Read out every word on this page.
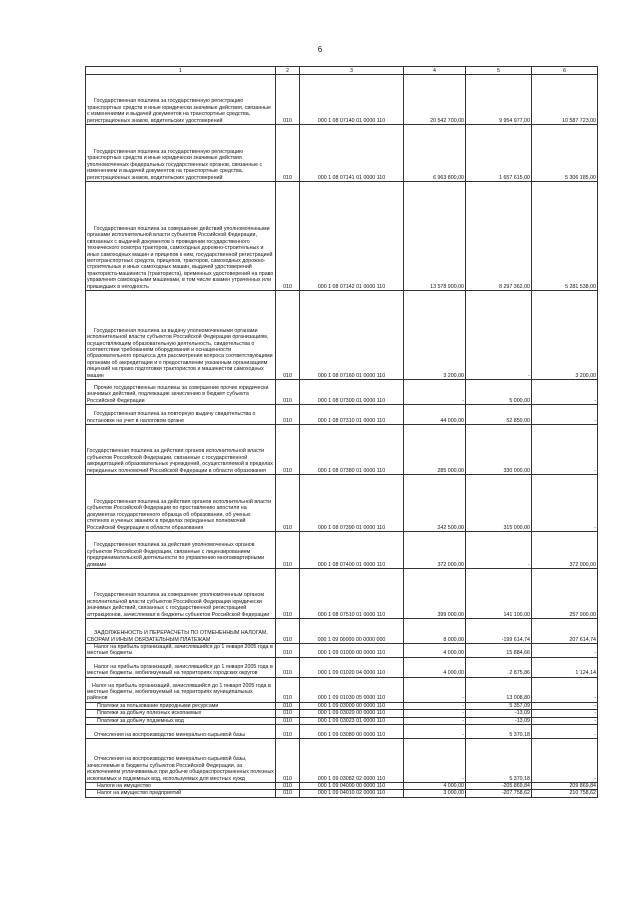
6
1	2	3	4	5	6
Государственная пошлина за государственную регистрацию транспортных средств и иные юридически значимые действия, связанные с изменениями и выдачей документов на транспортные средства, регистрационных знаков, водительских удостоверений	010	000 1 08 07140 01 0000 110	20 542 700,00	9 954 977,00	10 587 723,00
Государственная пошлина за государственную регистрацию транспортных средств и иные юридически значимые действия уполномоченных федеральных государственных органов, связанные с изменением и выдачей документов на транспортные средства, регистрационных знаков, водительских удостоверений	010	000 1 08 07141 01 0000 110	6 963 800,00	1 657 615,00	5 306 185,00
Государственная пошлина за совершение действий уполномоченными органами исполнительной власти субъектов Российской Федерации, связанных с выдачей документов о проведении государственного технического осмотра тракторов, самоходных дорожно-строительных и иных самоходных машин и прицепов к ним, государственной регистрацией мототранспортных средств, прицепов, тракторов, самоходных дорожно-строительных и иных самоходных машин, выдачей удостоверений тракториста-машиниста (тракториста), временных удостоверений на право управления самоходными машинами, в том числе взамен утраченных или пришедших в негодность	010	000 1 08 07142 01 0000 110	13 578 900,00	8 297 362,00	5 281 538,00
Государственная пошлина за выдачу уполномоченными органами исполнительной власти субъектов Российской Федерации организациям, осуществляющим образовательную деятельность, свидетельства о соответствии требованиям оборудования и оснащенности образовательного процесса для рассмотрения вопроса соответствующими органами об аккредитации и о предоставлении указанным организациям лицензий на право подготовки трактористов и машинистов самоходных машин	010	000 1 08 07160 01 0000 110	3 200,00	-	3 200,00
Прочие государственные пошлины за совершение прочих юридически значимых действий, подлежащие зачислению в бюджет субъекта Российской Федерации	010	000 1 08 07300 01 0000 110	-	5 000,00	-
Государственная пошлина за повторную выдачу свидетельства о постановке на учет в налоговом органе	010	000 1 08 07310 01 0000 110	44 000,00	52 850,00	-
Государственная пошлина за действия органов исполнительной власти субъектов Российской Федерации, связанные с государственной аккредитацией образовательных учреждений, осуществляемой в пределах переданных полномочий Российской Федерации в области образования	010	000 1 08 07380 01 0000 110	285 000,00	330 000,00	-
Государственная пошлина за действия органов исполнительной власти субъектов Российской Федерации по проставлению апостиля на документах государственного образца об образовании, об ученых степенях и ученых званиях в пределах переданных полномочий Российской Федерации в области образования	010	000 1 08 07390 01 0000 110	242 500,00	315 000,00	-
Государственная пошлина за действия уполномоченных органов субъектов Российской Федерации, связанные с лицензированием предпринимательской деятельности по управлению многоквартирными домами	010	000 1 08 07400 01 0000 110	372 000,00	-	372 000,00
Государственная пошлина за совершение уполномоченным органом исполнительной власти субъектов Российской Федерации юридически значимых действий, связанных с государственной регистрацией аттракционов, зачисляемая в бюджеты субъектов Российской Федерации	010	000 1 08 07510 01 0000 110	399 000,00	141 100,00	257 900,00
ЗАДОЛЖЕННОСТЬ И ПЕРЕРАСЧЕТЫ ПО ОТМЕНЕННЫМ НАЛОГАМ, СБОРАМ И ИНЫМ ОБЯЗАТЕЛЬНЫМ ПЛАТЕЖАМ	010	000 1 09 00000 00 0000 000	8 000,00	-199 614,74	207 614,74
Налог на прибыль организаций, зачислявшийся до 1 января 2005 года в местные бюджеты	010	000 1 09 01000 00 0000 110	4 000,00	15 884,66	-
Налог на прибыль организаций, зачислявшийся до 1 января 2005 года в местные бюджеты, мобилизуемый на территориях городских округов	010	000 1 09 01020 04 0000 110	4 000,00	2 875,86	1 124,14
Налог на прибыль организаций, зачислявшийся до 1 января 2005 года в местные бюджеты, мобилизуемый на территориях муниципальных районов	010	000 1 09 01030 05 0000 110	-	13 008,80	-
Платежи за пользование природными ресурсами	010	000 1 09 03000 00 0000 110	-	5 357,09	-
Платежи за добычу полезных ископаемых	010	000 1 09 03020 00 0000 110	-	-13,09	-
Платежи за добычу подземных вод	010	000 1 09 03023 01 0000 110	-	-13,09	-
Отчисления на воспроизводство минерально-сырьевой базы	010	000 1 09 03080 00 0000 110	-	5 370,18	-
Отчисления на воспроизводство минерально-сырьевой базы, зачисляемые в бюджеты субъектов Российской Федерации, за исключением уплачиваемых при добыче общераспространенных полезных ископаемых и подземных вод, используемых для местных нужд	010	000 1 09 03082 02 0000 110	-	5 370,18	-
Налоги на имущество	010	000 1 09 04000 00 0000 110	4 000,00	-205 869,84	209 869,84
Налог на имущество предприятий	010	000 1 09 04010 02 0000 110	3 000,00	-207 758,62	210 758,62
